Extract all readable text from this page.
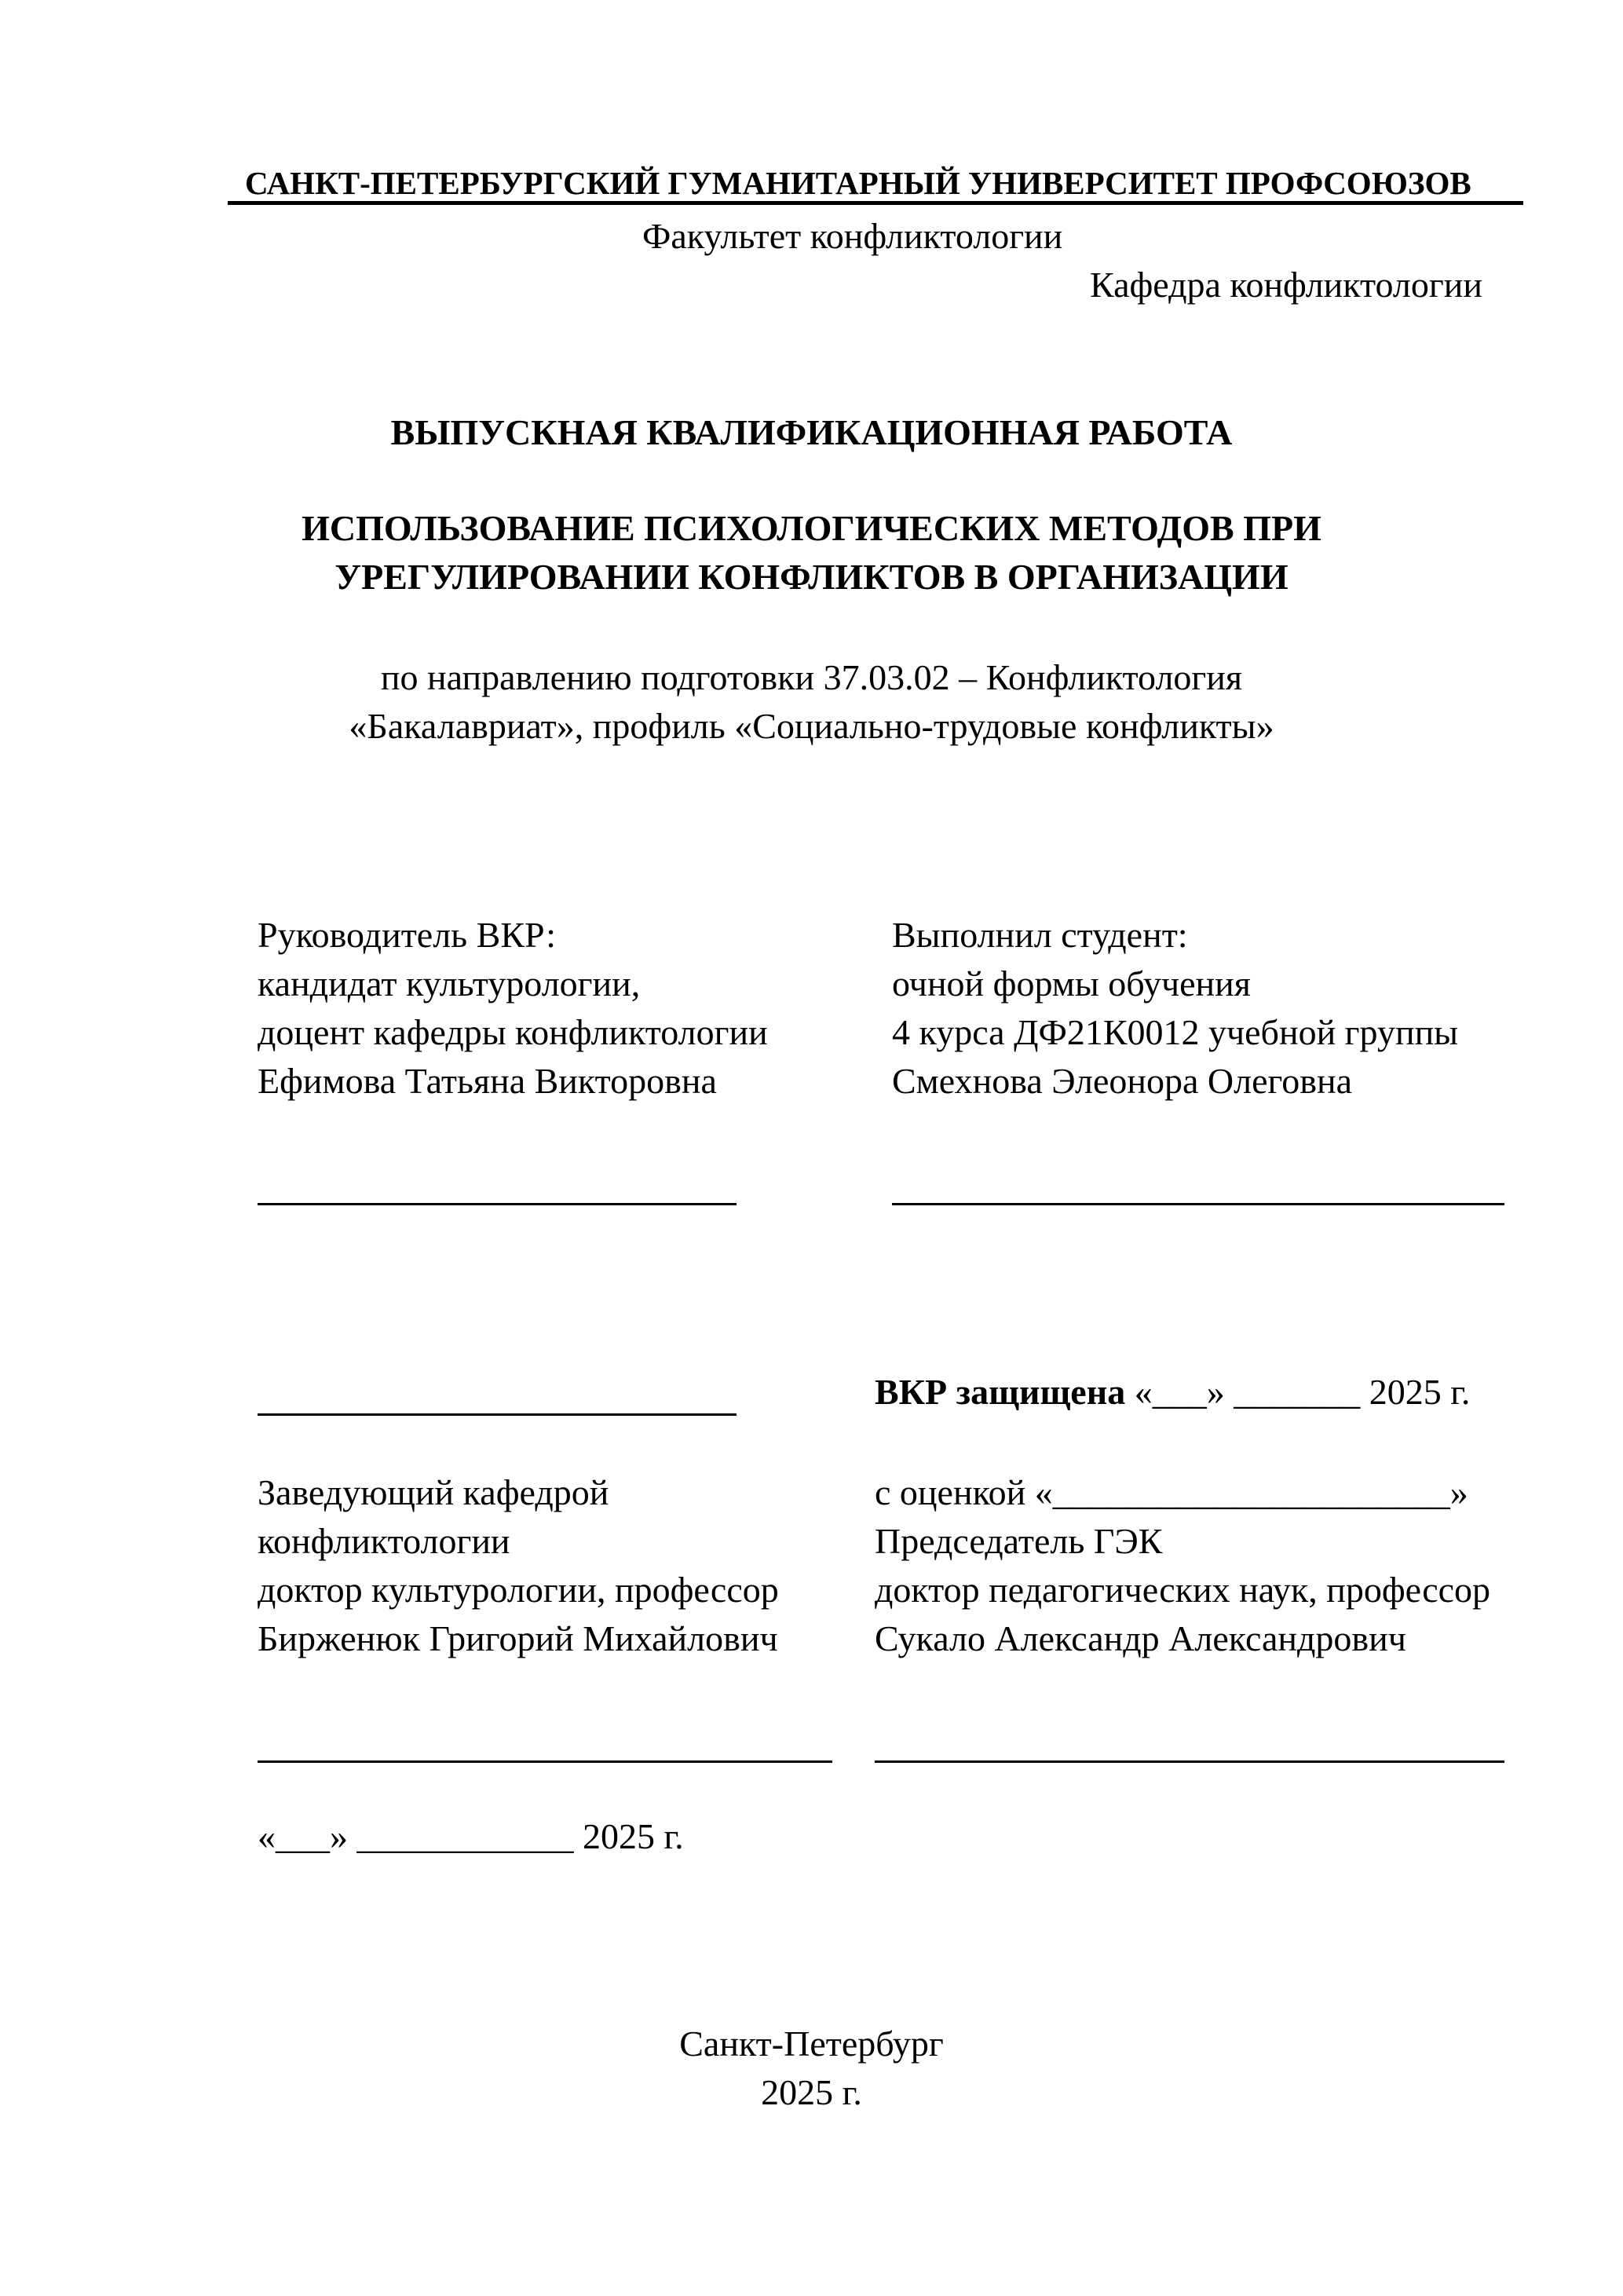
САНКТ-ПЕТЕРБУРГСКИЙ ГУМАНИТАРНЫЙ УНИВЕРСИТЕТ ПРОФСОЮЗОВ
Факультет конфликтологии
Кафедра конфликтологии
ВЫПУСКНАЯ КВАЛИФИКАЦИОННАЯ РАБОТА
ИСПОЛЬЗОВАНИЕ ПСИХОЛОГИЧЕСКИХ МЕТОДОВ ПРИ
УРЕГУЛИРОВАНИИ КОНФЛИКТОВ В ОРГАНИЗАЦИИ
по направлению подготовки 37.03.02 – Конфликтология
«Бакалавриат», профиль «Социально-трудовые конфликты»
Руководитель ВКР:
кандидат культурологии,
доцент кафедры конфликтологии
Ефимова Татьяна Викторовна
Выполнил студент:
очной формы обучения
4 курса ДФ21К0012 учебной группы
Смехнова Элеонора Олеговна
ВКР защищена «___» _______ 2025 г.
Заведующий кафедрой
конфликтологии
доктор культурологии, профессор
Бирженюк Григорий Михайлович
с оценкой «______________________»
Председатель ГЭК
доктор педагогических наук, профессор
Сукало Александр Александрович
«___» ____________ 2025 г.
Санкт-Петербург
2025 г.
